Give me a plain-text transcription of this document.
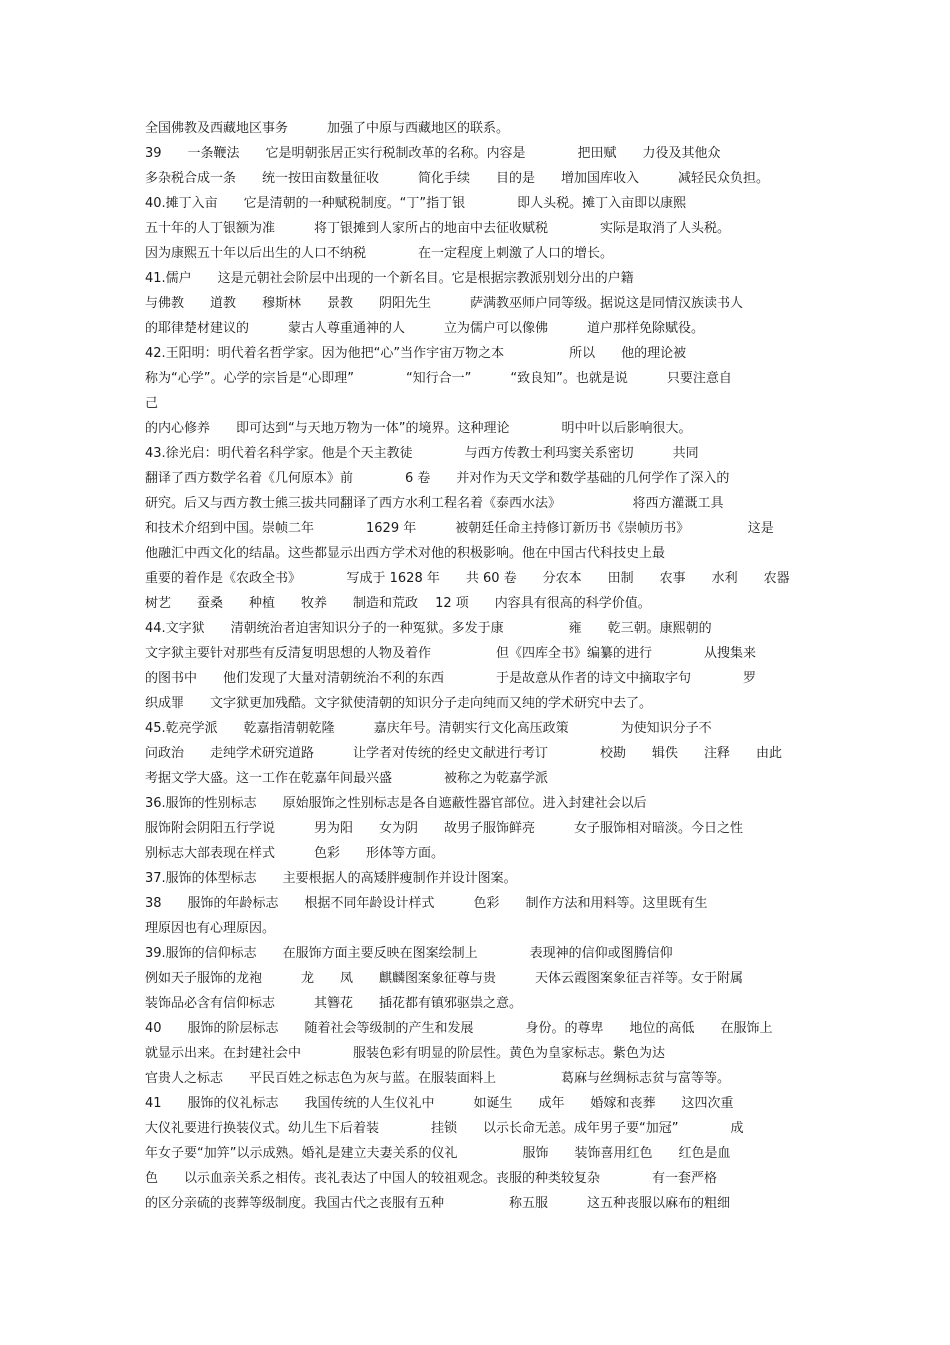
全国佛教及西藏地区事务　　　加强了中原与西藏地区的联系。
39　　一条鞭法　　它是明朝张居正实行税制改革的名称。内容是　　　　把田赋　　力役及其他众
多杂税合成一条　　统一按田亩数量征收　　　简化手续　　目的是　　增加国库收入　　　减轻民众负担。
40.摊丁入亩　　它是清朝的一种赋税制度。“丁”指丁银　　　　即人头税。摊丁入亩即以康熙
五十年的人丁银额为准　　　将丁银摊到人家所占的地亩中去征收赋税　　　　实际是取消了人头税。
因为康熙五十年以后出生的人口不纳税　　　　在一定程度上刺激了人口的增长。
41.儒户　　这是元朝社会阶层中出现的一个新名目。它是根据宗教派别划分出的户籍
与佛教　　道教　　穆斯林　　景教　　阴阳先生　　　萨满教巫师户同等级。据说这是同情汉族读书人
的耶律楚材建议的　　　蒙古人尊重通神的人　　　立为儒户可以像佛　　　道户那样免除赋役。
42.王阳明：明代着名哲学家。因为他把“心”当作宇宙万物之本　　　　　所以　　他的理论被
称为“心学”。心学的宗旨是“心即理”　　　　“知行合一”　　　“致良知”。也就是说　　　只要注意自
己
的内心修养　　即可达到“与天地万物为一体”的境界。这种理论　　　　明中叶以后影响很大。
43.徐光启：明代着名科学家。他是个天主教徒　　　　与西方传教士利玛窦关系密切　　　共同
翻译了西方数学名着《几何原本》前　　　　6 卷　　并对作为天文学和数学基础的几何学作了深入的
研究。后又与西方教士熊三拔共同翻译了西方水利工程名着《泰西水法》　　　　　　将西方灌溉工具
和技术介绍到中国。崇帧二年　　　　1629 年　　　被朝廷任命主持修订新历书《崇帧历书》　　　　　这是
他融汇中西文化的结晶。这些都显示出西方学术对他的积极影响。他在中国古代科技史上最
重要的着作是《农政全书》　　　　写成于 1628 年　　共 60 卷　　分农本　　田制　　农事　　水利　　农器
树艺　　蚕桑　　种植　　牧养　　制造和荒政　 12 项　　内容具有很高的科学价值。
44.文字狱　　清朝统治者迫害知识分子的一种冤狱。多发于康　　　　　雍　　乾三朝。康熙朝的
文字狱主要针对那些有反清复明思想的人物及着作　　　　　但《四库全书》编纂的进行　　　　从搜集来
的图书中　　他们发现了大量对清朝统治不利的东西　　　　于是故意从作者的诗文中摘取字句　　　　罗
织成罪　　文字狱更加残酷。文字狱使清朝的知识分子走向纯而又纯的学术研究中去了。
45.乾亮学派　　乾嘉指清朝乾隆　　　嘉庆年号。清朝实行文化高压政策　　　　为使知识分子不
问政治　　走纯学术研究道路　　　让学者对传统的经史文献进行考订　　　　校勘　　辑佚　　注释　　由此
考据文学大盛。这一工作在乾嘉年间最兴盛　　　　被称之为乾嘉学派
36.服饰的性别标志　　原始服饰之性别标志是各自遮蔽性器官部位。进入封建社会以后
服饰附会阴阳五行学说　　　男为阳　　女为阴　　故男子服饰鲜亮　　　女子服饰相对暗淡。今日之性
别标志大部表现在样式　　　色彩　　形体等方面。
37.服饰的体型标志　　主要根据人的高矮胖瘦制作并设计图案。
38　　服饰的年龄标志　　根据不同年龄设计样式　　　色彩　　制作方法和用料等。这里既有生
理原因也有心理原因。
39.服饰的信仰标志　　在服饰方面主要反映在图案绘制上　　　　表现神的信仰或图腾信仰
例如天子服饰的龙袍　　　龙　　凤　　麒麟图案象征尊与贵　　　天体云霞图案象征吉祥等。女于附属
装饰品必含有信仰标志　　　其簪花　　插花都有镇邪驱祟之意。
40　　服饰的阶层标志　　随着社会等级制的产生和发展　　　　身份。的尊卑　　地位的高低　　在服饰上
就显示出来。在封建社会中　　　　服装色彩有明显的阶层性。黄色为皇家标志。紫色为达
官贵人之标志　　平民百姓之标志色为灰与蓝。在服装面料上　　　　　葛麻与丝绸标志贫与富等等。
41　　服饰的仪礼标志　　我国传统的人生仪礼中　　　如诞生　　成年　　婚嫁和丧葬　　这四次重
大仪礼要进行换装仪式。幼儿生下后着装　　　　挂锁　　以示长命无恙。成年男子要“加冠”　　　　成
年女子要“加笄”以示成熟。婚礼是建立夫妻关系的仪礼　　　　　服饰　　装饰喜用红色　　红色是血
色　　以示血亲关系之相传。丧礼表达了中国人的较祖观念。丧服的种类较复杂　　　　有一套严格
的区分亲硫的丧葬等级制度。我国古代之丧服有五种　　　　　称五服　　　这五种丧服以麻布的粗细
